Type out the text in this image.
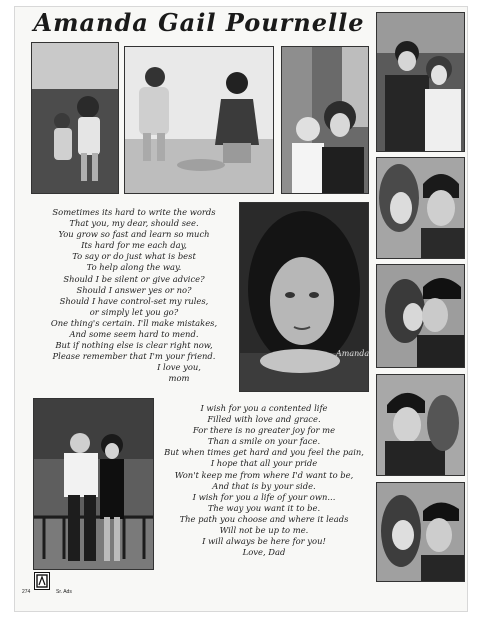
Amanda Gail Pournelle
Sometimes its hard to write the words
That you, my dear, should see.
You grow so fast and learn so much
Its hard for me each day,
To say or do just what is best
To help along the way.
Should I be silent or give advice?
Should I answer yes or no?
Should I have control-set my rules,
or simply let you go?
One thing's certain. I'll make mistakes,
And some seem hard to mend.
But if nothing else is clear right now,
Please remember that I'm your friend.
I love you,
mom
Amanda
I wish for you a contented life
Filled with love and grace.
For there is no greater joy for me
Than a smile on your face.
But when times get hard and you feel the pain,
I hope that all your pride
Won't keep me from where I'd want to be,
And that is by your side.
I wish for you a life of your own...
The way you want it to be.
The path you choose and where it leads
Will not be up to me.
I will always be here for you!
Love, Dad
274	Sr. Ads
